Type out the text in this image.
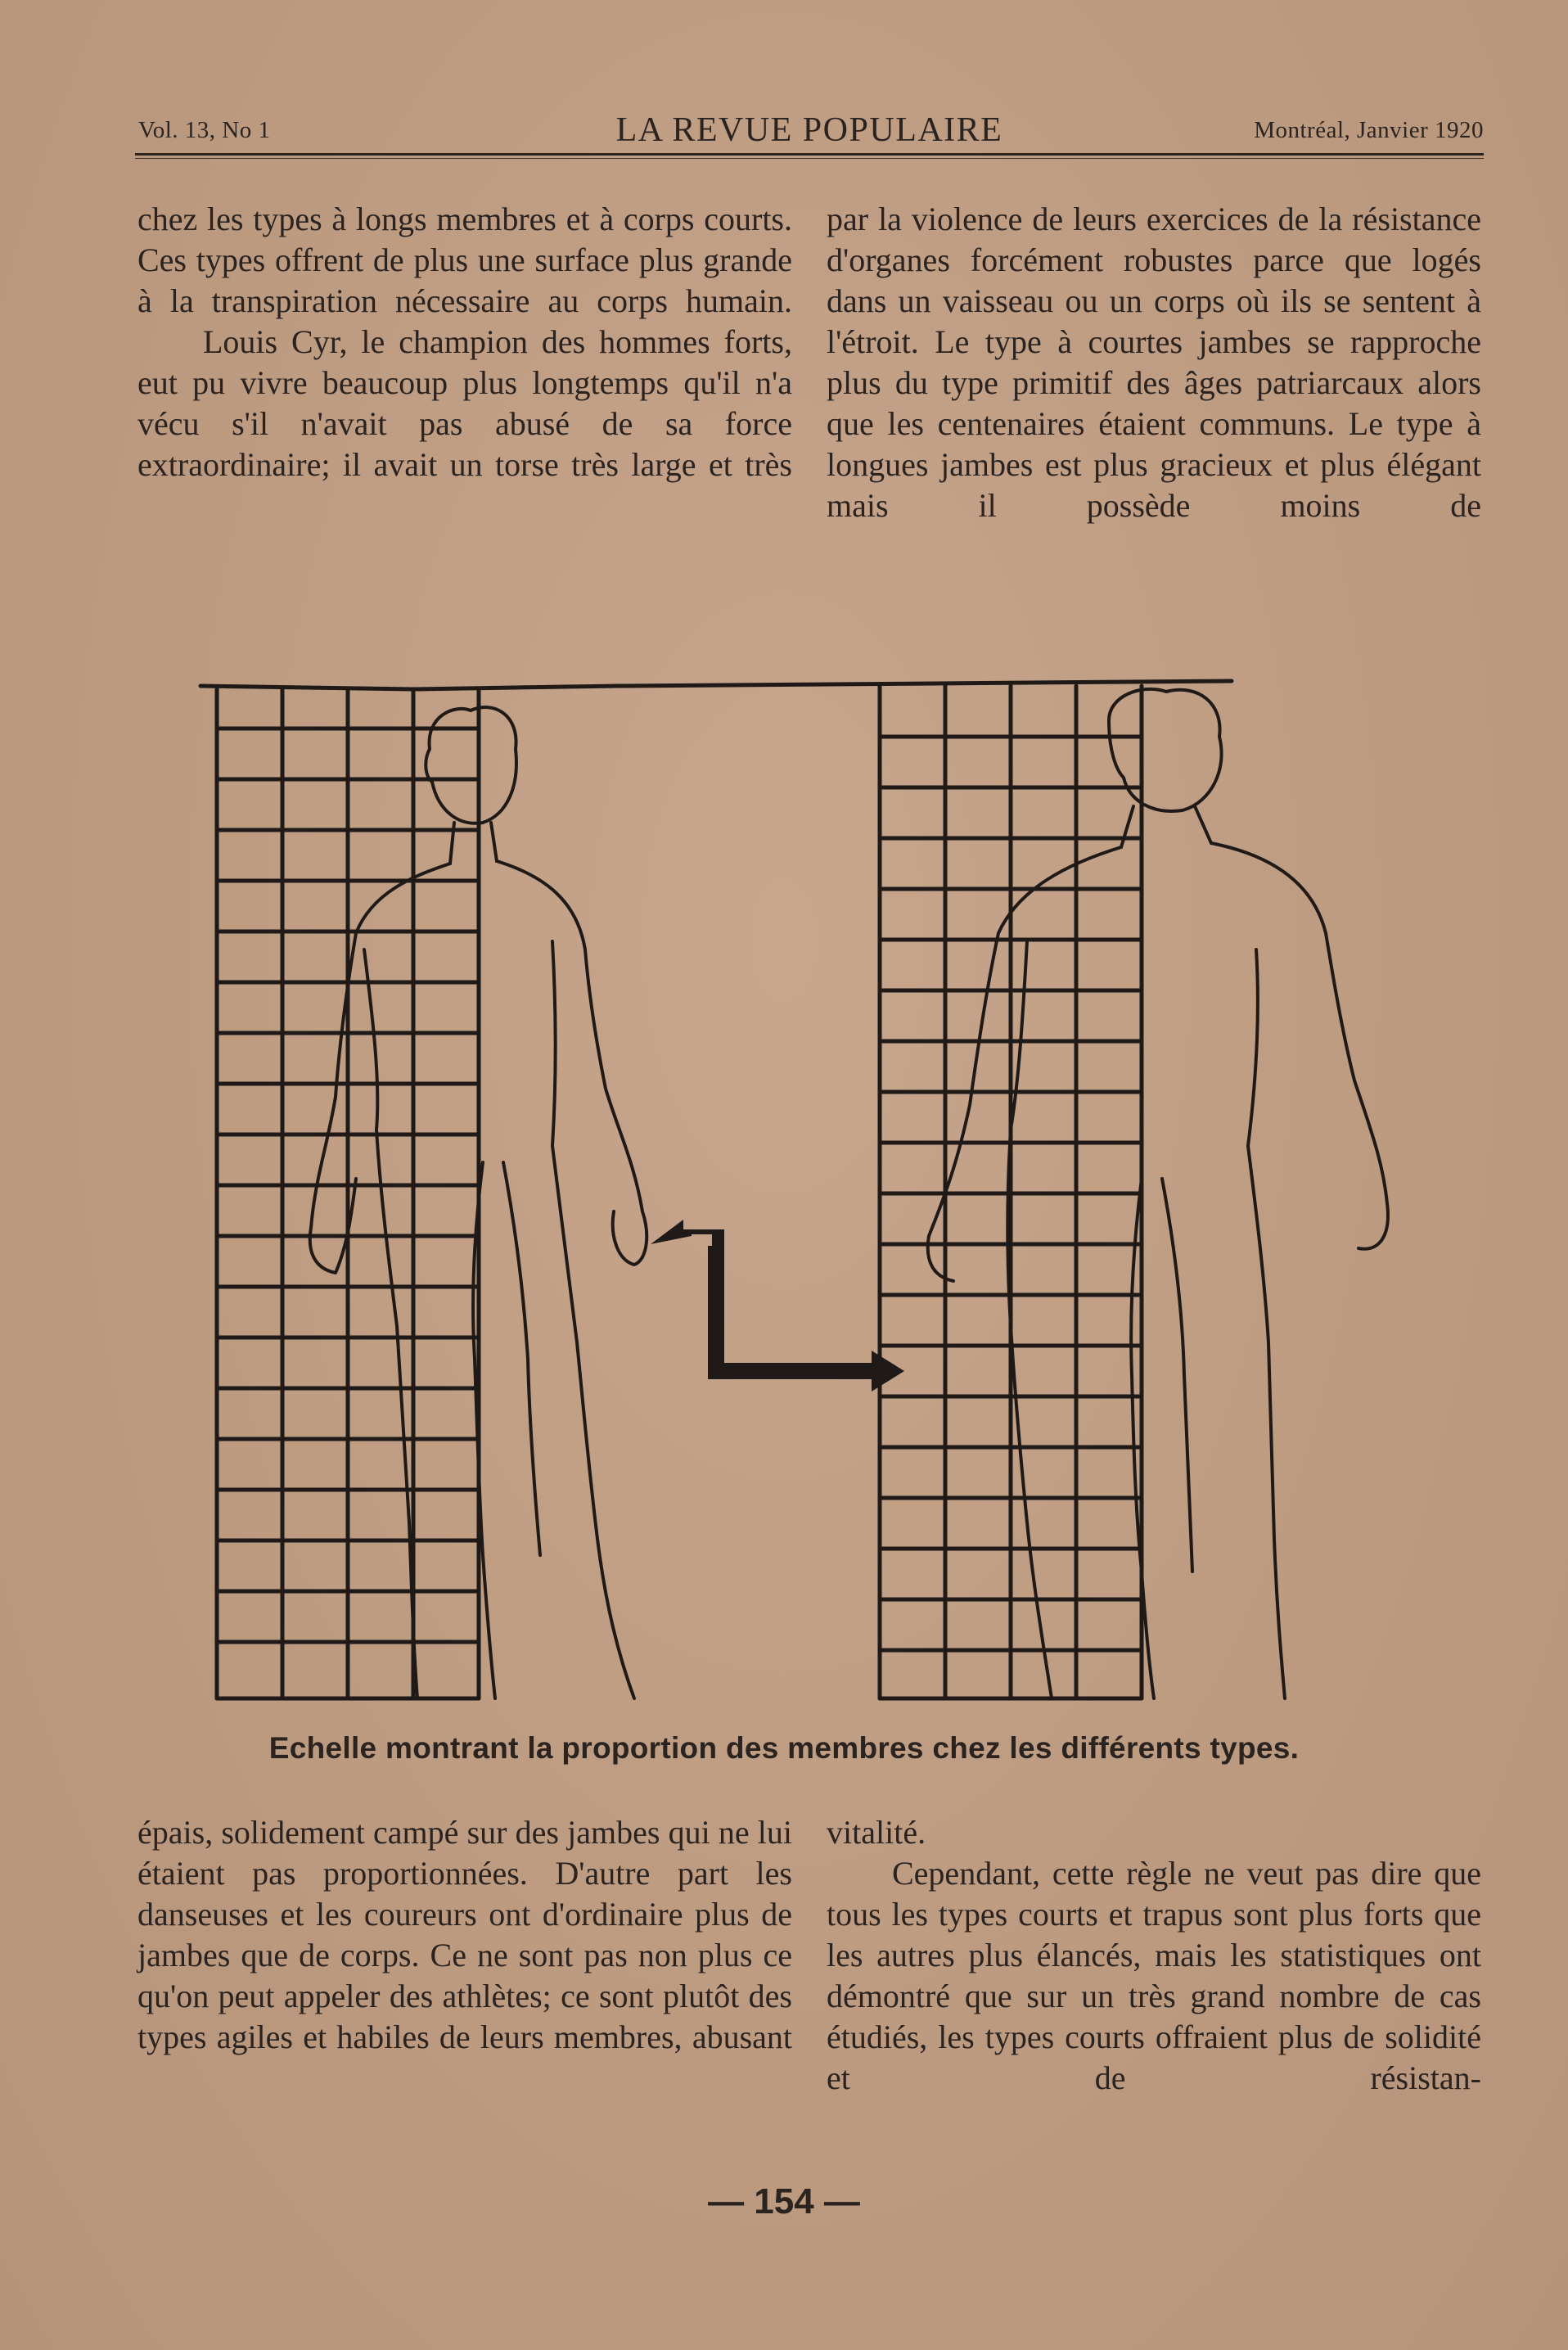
Vol. 13, No 1	LA REVUE POPULAIRE	Montréal, Janvier 1920

chez les types à longs membres et à corps courts. Ces types offrent de plus une surface plus grande à la transpiration nécessaire au corps humain.

Louis Cyr, le champion des hommes forts, eut pu vivre beaucoup plus longtemps qu'il n'a vécu s'il n'avait pas abusé de sa force extraordinaire; il avait un torse très large et très

par la violence de leurs exercices de la résistance d'organes forcément robustes parce que logés dans un vaisseau ou un corps où ils se sentent à l'étroit. Le type à courtes jambes se rapproche plus du type primitif des âges patriarcaux alors que les centenaires étaient communs. Le type à longues jambes est plus gracieux et plus élégant mais il possède moins de

Echelle montrant la proportion des membres chez les différents types.

épais, solidement campé sur des jambes qui ne lui étaient pas proportionnées. D'autre part les danseuses et les coureurs ont d'ordinaire plus de jambes que de corps. Ce ne sont pas non plus ce qu'on peut appeler des athlètes; ce sont plutôt des types agiles et habiles de leurs membres, abusant

vitalité.

Cependant, cette règle ne veut pas dire que tous les types courts et trapus sont plus forts que les autres plus élancés, mais les statistiques ont démontré que sur un très grand nombre de cas étudiés, les types courts offraient plus de solidité et de résistan-

— 154 —
